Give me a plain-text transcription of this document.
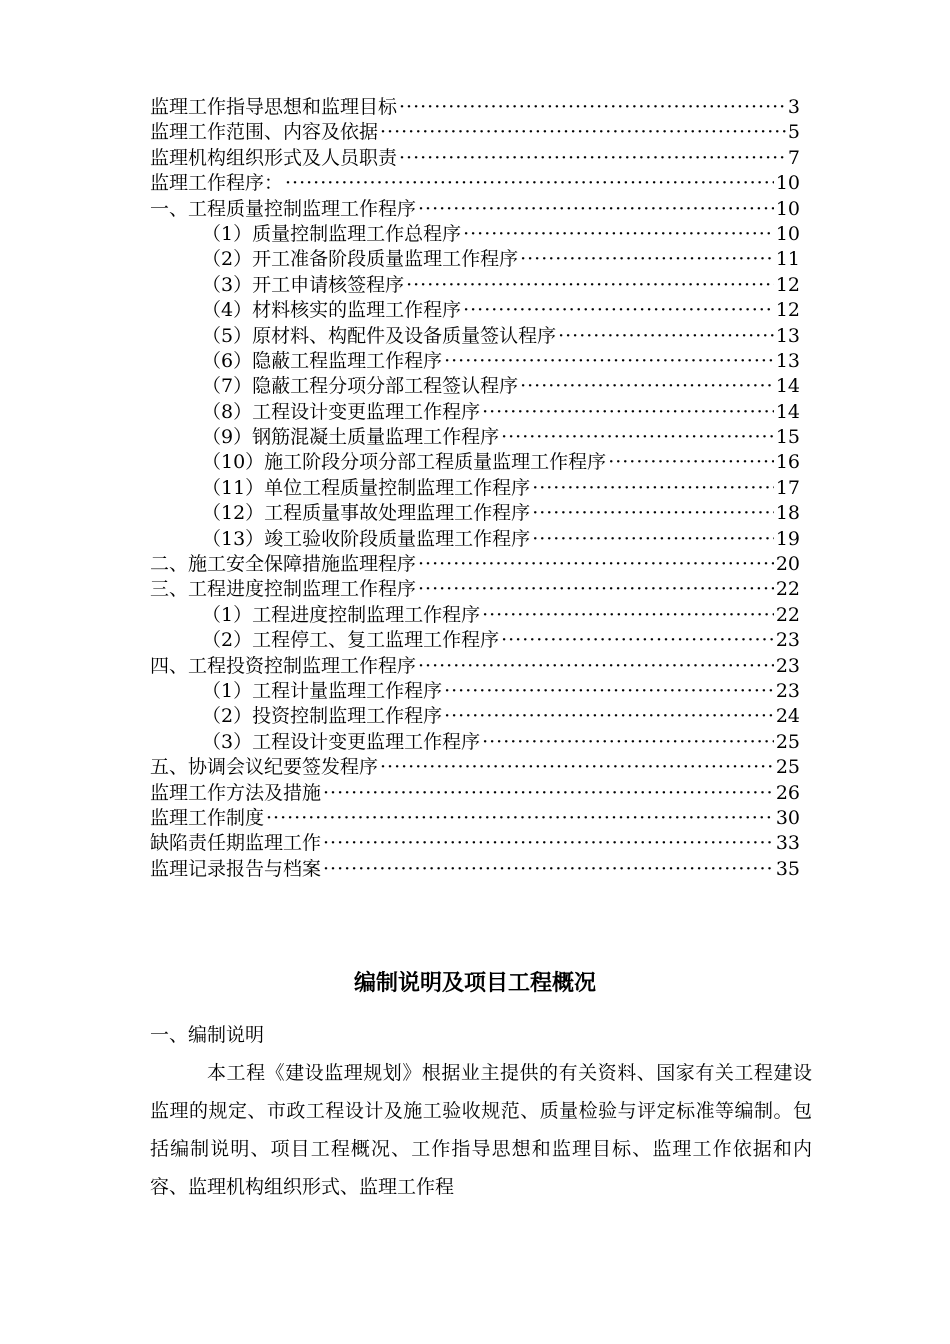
监理工作指导思想和监理目标 ·····	3
监理工作范围、内容及依据 ·····	5
监理机构组织形式及人员职责 ·····	7
监理工作程序： ·····	10
一、工程质量控制监理工作程序 ·····	10
（1）质量控制监理工作总程序 ·····	10
（2）开工准备阶段质量监理工作程序 ·····	11
（3）开工申请核签程序 ·····	12
（4）材料核实的监理工作程序 ·····	12
（5）原材料、构配件及设备质量签认程序 ·····	13
（6）隐蔽工程监理工作程序 ·····	13
（7）隐蔽工程分项分部工程签认程序 ·····	14
（8）工程设计变更监理工作程序 ·····	14
（9）钢筋混凝土质量监理工作程序 ·····	15
（10）施工阶段分项分部工程质量监理工作程序 ·····	16
（11）单位工程质量控制监理工作程序 ·····	17
（12）工程质量事故处理监理工作程序 ·····	18
（13）竣工验收阶段质量监理工作程序 ·····	19
二、施工安全保障措施监理程序 ·····	20
三、工程进度控制监理工作程序 ·····	22
（1）工程进度控制监理工作程序 ·····	22
（2）工程停工、复工监理工作程序 ·····	23
四、工程投资控制监理工作程序 ·····	23
（1）工程计量监理工作程序 ·····	23
（2）投资控制监理工作程序 ·····	24
（3）工程设计变更监理工作程序 ·····	25
五、协调会议纪要签发程序 ·····	25
监理工作方法及措施 ·····	26
监理工作制度 ·····	30
缺陷责任期监理工作 ·····	33
监理记录报告与档案 ·····	35
编制说明及项目工程概况
一、编制说明
本工程《建设监理规划》根据业主提供的有关资料、国家有关工程建设监理的规定、市政工程设计及施工验收规范、质量检验与评定标准等编制。包括编制说明、项目工程概况、工作指导思想和监理目标、监理工作依据和内容、监理机构组织形式、监理工作程
